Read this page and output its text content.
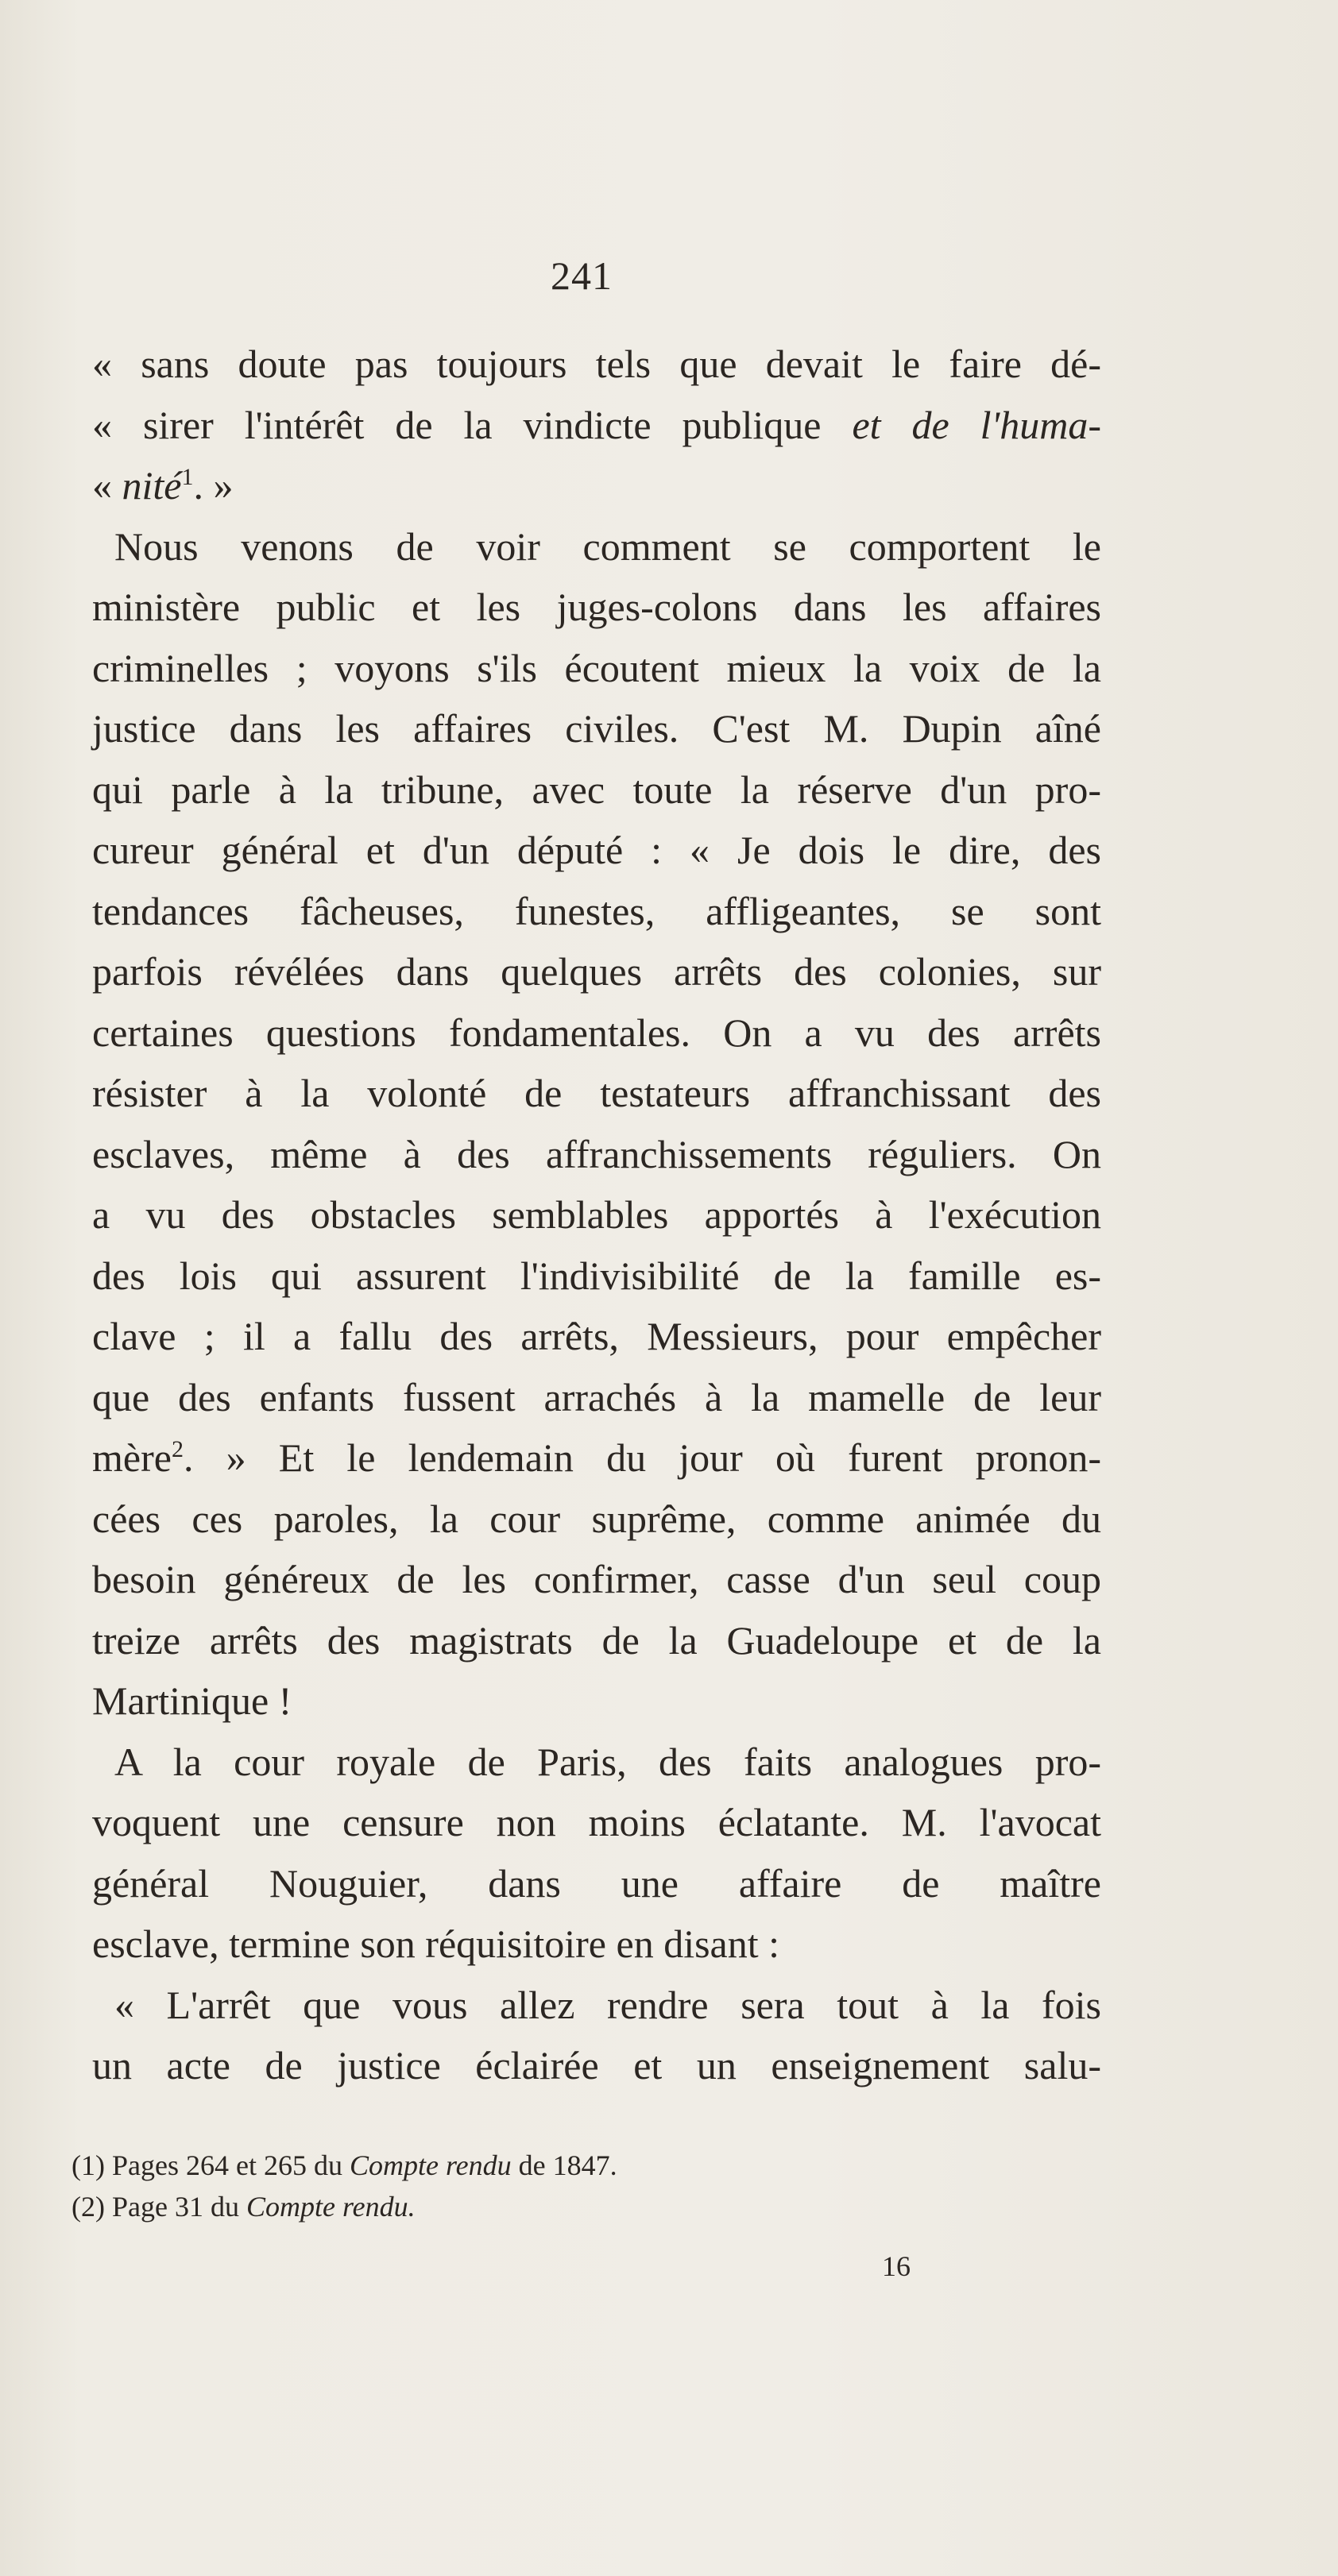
241
« sans doute pas toujours tels que devait le faire dé-
« sirer l'intérêt de la vindicte publique et de l'huma-
« nité$^1$. »
Nous venons de voir comment se comportent le
ministère public et les juges-colons dans les affaires
criminelles ; voyons s'ils écoutent mieux la voix de la
justice dans les affaires civiles. C'est M. Dupin aîné
qui parle à la tribune, avec toute la réserve d'un pro-
cureur général et d'un député : « Je dois le dire, des
tendances fâcheuses, funestes, affligeantes, se sont
parfois révélées dans quelques arrêts des colonies, sur
certaines questions fondamentales. On a vu des arrêts
résister à la volonté de testateurs affranchissant des
esclaves, même à des affranchissements réguliers. On
a vu des obstacles semblables apportés à l'exécution
des lois qui assurent l'indivisibilité de la famille es-
clave ; il a fallu des arrêts, Messieurs, pour empêcher
que des enfants fussent arrachés à la mamelle de leur
mère$^2$. » Et le lendemain du jour où furent pronon-
cées ces paroles, la cour suprême, comme animée du
besoin généreux de les confirmer, casse d'un seul coup
treize arrêts des magistrats de la Guadeloupe et de la
Martinique !
A la cour royale de Paris, des faits analogues pro-
voquent une censure non moins éclatante. M. l'avocat
général Nouguier, dans une affaire de maître
esclave, termine son réquisitoire en disant :
« L'arrêt que vous allez rendre sera tout à la fois
un acte de justice éclairée et un enseignement salu-
(1) Pages 264 et 265 du Compte rendu de 1847.
(2) Page 31 du Compte rendu.
16
